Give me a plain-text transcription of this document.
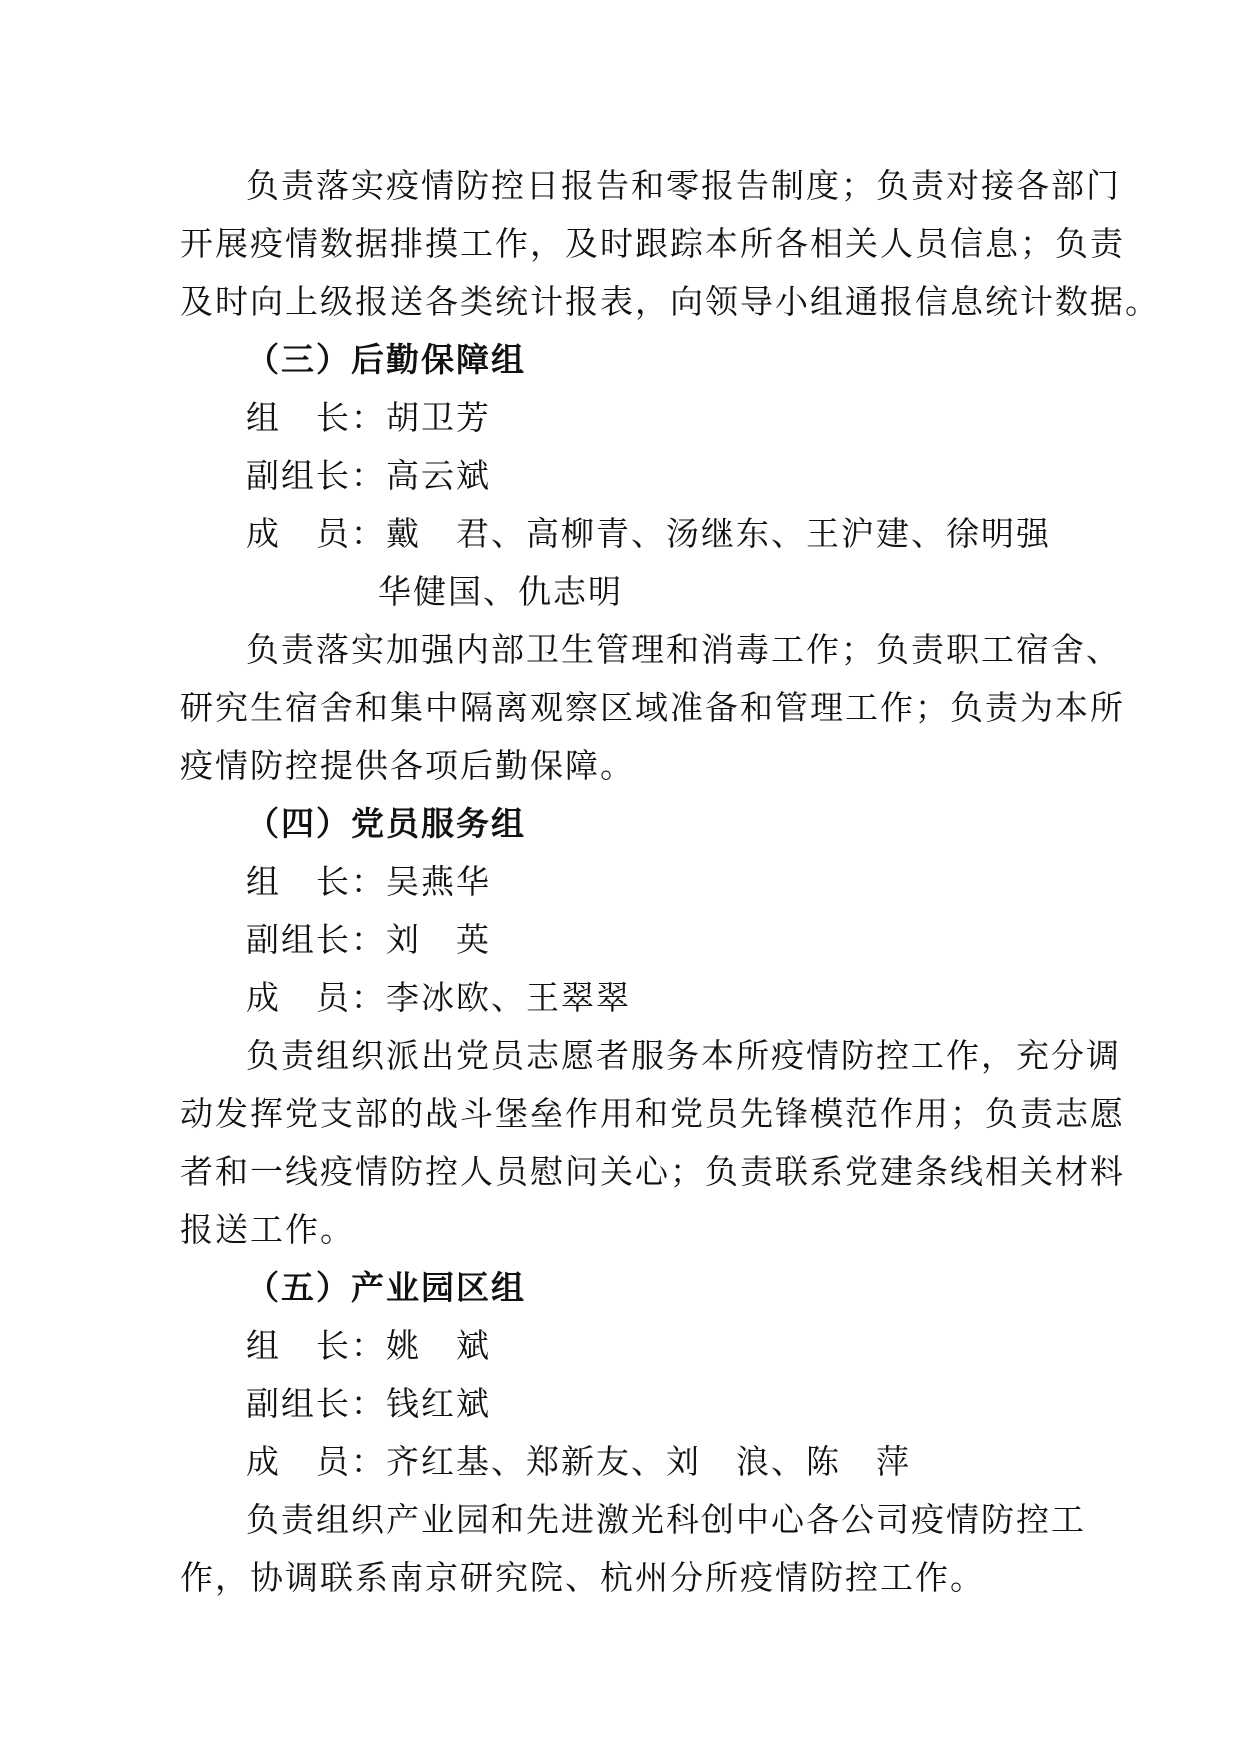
负责落实疫情防控日报告和零报告制度；负责对接各部门
开展疫情数据排摸工作，及时跟踪本所各相关人员信息；负责
及时向上级报送各类统计报表，向领导小组通报信息统计数据。
（三）后勤保障组
组　长：胡卫芳
副组长：高云斌
成　员：戴　君、高柳青、汤继东、王沪建、徐明强
华健国、仇志明
负责落实加强内部卫生管理和消毒工作；负责职工宿舍、
研究生宿舍和集中隔离观察区域准备和管理工作；负责为本所
疫情防控提供各项后勤保障。
（四）党员服务组
组　长：吴燕华
副组长：刘　英
成　员：李冰欧、王翠翠
负责组织派出党员志愿者服务本所疫情防控工作，充分调
动发挥党支部的战斗堡垒作用和党员先锋模范作用；负责志愿
者和一线疫情防控人员慰问关心；负责联系党建条线相关材料
报送工作。
（五）产业园区组
组　长：姚　斌
副组长：钱红斌
成　员：齐红基、郑新友、刘　浪、陈　萍
负责组织产业园和先进激光科创中心各公司疫情防控工
作，协调联系南京研究院、杭州分所疫情防控工作。
